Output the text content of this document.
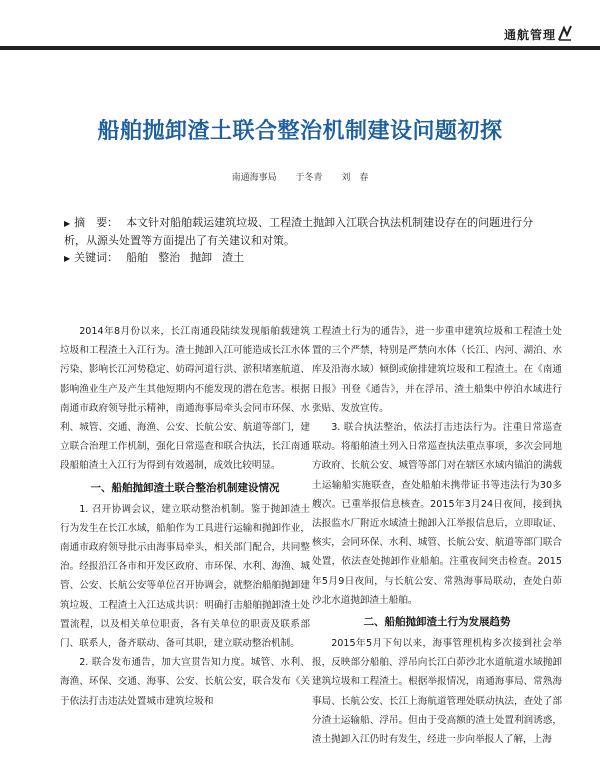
通航管理
船舶抛卸渣土联合整治机制建设问题初探
南通海事局 于冬青 刘　春

▶ 摘　要： 本文针对船舶载运建筑垃圾、工程渣土抛卸入江联合执法机制建设存在的问题进行分析，从源头处置等方面提出了有关建议和对策。

▶ 关键词： 船舶 整治 抛卸 渣土

2014年8月份以来，长江南通段陆续发现船舶载建筑垃圾和工程渣土入江行为。渣土抛卸入江可能造成长江水体污染、影响长江河势稳定、妨碍河道行洪、淤积堵塞航道、影响渔业生产及产生其他短期内不能发现的潜在危害。根据南通市政府领导批示精神，南通海事局牵头会同市环保、水利、城管、交通、海渔、公安、长航公安、航道等部门，建立联合治理工作机制，强化日常巡查和联合执法，长江南通段船舶渣土入江行为得到有效遏制，成效比较明显。

一、船舶抛卸渣土联合整治机制建设情况

1. 召开协调会议，建立联动整治机制。鉴于抛卸渣土行为发生在长江水域，船舶作为工具进行运输和抛卸作业，南通市政府领导批示由海事局牵头，相关部门配合，共同整治。经报沿江各市和开发区政府、市环保、水利、海渔、城管、公安、长航公安等单位召开协调会，就整治船舶抛卸建筑垃圾、工程渣土入江达成共识：明确打击船舶抛卸渣土处置流程，以及相关单位职责，各有关单位的职责及联系部门、联系人，备齐联动、备可其职，建立联动整治机制。

2. 联合发布通告，加大宣贯告知力度。城管、水利、海渔、环保、交通、海事、公安、长航公安，联合发布《关于依法打击违法处置城市建筑垃圾和

工程渣土行为的通告》，进一步重申建筑垃圾和工程渣土处置的三个严禁，特别是严禁向水体（长江、内河、湖泊、水库及沿海水域）倾倒或偷排建筑垃圾和工程渣土。在《南通日报》刊登《通告》，并在浮吊、渣土船集中停泊水域进行张贴、发放宣传。

3. 联合执法整治，依法打击违法行为。注重日常巡查联动。将船舶渣土列入日常巡查执法重点事项，多次会同地方政府、长航公安、城管等部门对在辖区水域内锚泊的满载土运输船实施联查，查处船舶未携带证书等违法行为30多艘次。已重举报信息核查。2015年3月24日夜间，接到执法报监水厂附近水域渣土抛卸入江举报信息后，立即取证、核实，会同环保、水利、城管、长航公安、航道等部门联合处置，依法查处抛卸作业船舶。注重夜间突击检查。2015年5月9日夜间，与长航公安、常熟海事局联动，查处白茆沙北水道抛卸渣土船舶。

二、船舶抛卸渣土行为发展趋势

2015年5月下旬以来，海事管理机构多次接到社会举报，反映部分船舶、浮吊向长江白茆沙北水道航道水域抛卸建筑垃圾和工程渣土。根据举报情况，南通海事局、常熟海事局、长航公安、长江上海航道管理处联动执法，查处了部分渣土运输船、浮吊。但由于受高额的渣土处置利润诱惑，渣土抛卸入江仍时有发生，经进一步向举报人了解，上海
